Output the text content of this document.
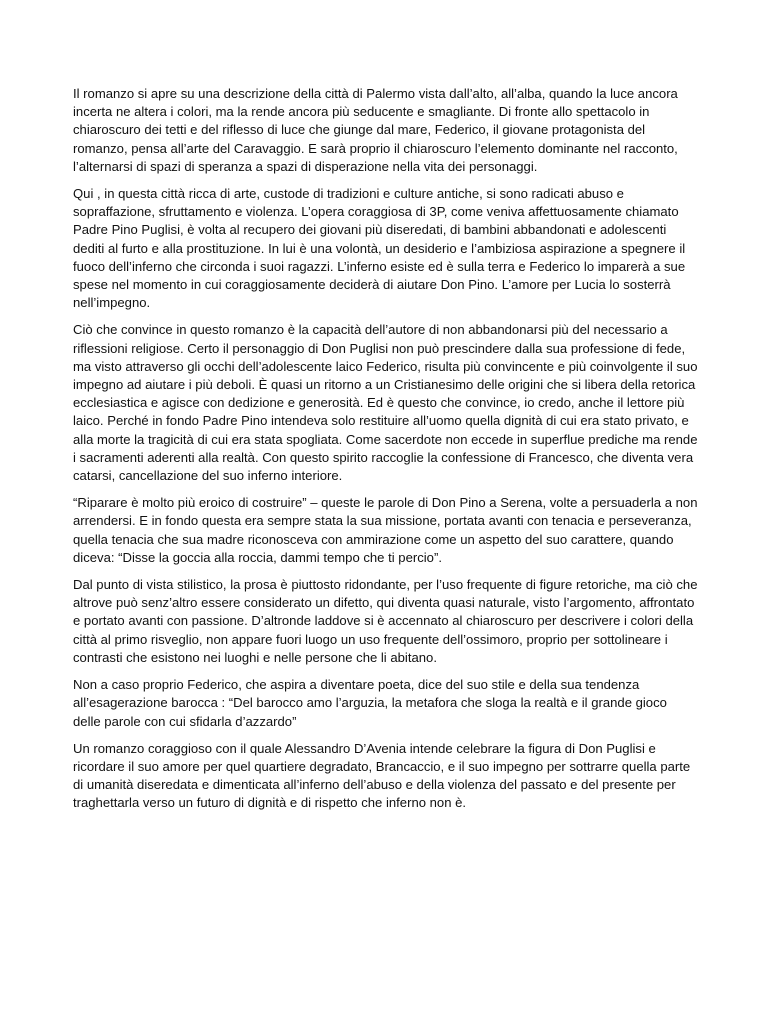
Il romanzo si apre su una descrizione della città di Palermo vista dall’alto, all’alba, quando la luce ancora incerta ne altera i colori, ma la rende ancora più seducente e smagliante. Di fronte allo spettacolo in chiaroscuro dei tetti e del riflesso di luce che giunge dal mare, Federico, il giovane protagonista del romanzo, pensa all’arte del Caravaggio. E sarà proprio il chiaroscuro l’elemento dominante nel racconto, l’alternarsi di spazi di speranza a spazi di disperazione nella vita dei personaggi.

Qui , in questa città ricca di arte, custode di tradizioni e culture antiche, si sono radicati abuso e sopraffazione, sfruttamento e violenza. L’opera coraggiosa di 3P, come veniva affettuosamente chiamato Padre Pino Puglisi, è volta al recupero dei giovani più diseredati, di bambini abbandonati e adolescenti dediti al furto e alla prostituzione. In lui è una volontà, un desiderio e l’ambiziosa aspirazione a spegnere il fuoco dell’inferno che circonda i suoi ragazzi. L’inferno esiste ed è sulla terra e Federico lo imparerà a sue spese nel momento in cui coraggiosamente deciderà di aiutare Don Pino. L’amore per Lucia lo sosterrà nell’impegno.

Ciò che convince in questo romanzo è la capacità dell’autore di non abbandonarsi più del necessario a riflessioni religiose. Certo il personaggio di Don Puglisi non può prescindere dalla sua professione di fede, ma visto attraverso gli occhi dell’adolescente laico Federico, risulta più convincente e più coinvolgente il suo impegno ad aiutare i più deboli. È quasi un ritorno a un Cristianesimo delle origini che si libera della retorica ecclesiastica e agisce con dedizione e generosità. Ed è questo che convince, io credo, anche il lettore più laico. Perché in fondo Padre Pino intendeva solo restituire all’uomo quella dignità di cui era stato privato, e alla morte la tragicità di cui era stata spogliata. Come sacerdote non eccede in superflue prediche ma rende i sacramenti aderenti alla realtà. Con questo spirito raccoglie la confessione di Francesco, che diventa vera catarsi, cancellazione del suo inferno interiore.

“Riparare è molto più eroico di costruire” – queste le parole di Don Pino a Serena, volte a persuaderla a non arrendersi. E in fondo questa era sempre stata la sua missione, portata avanti con tenacia e perseveranza, quella tenacia che sua madre riconosceva con ammirazione come un aspetto del suo carattere, quando diceva: “Disse la goccia alla roccia, dammi tempo che ti percio”.

Dal punto di vista stilistico, la prosa è piuttosto ridondante, per l’uso frequente di figure retoriche, ma ciò che altrove può senz’altro essere considerato un difetto, qui diventa quasi naturale, visto l’argomento, affrontato e portato avanti con passione. D’altronde laddove si è accennato al chiaroscuro per descrivere i colori della città al primo risveglio, non appare fuori luogo un uso frequente dell’ossimoro, proprio per sottolineare i contrasti che esistono nei luoghi e nelle persone che li abitano.

Non a caso proprio Federico, che aspira a diventare poeta, dice del suo stile e della sua tendenza all’esagerazione barocca : “Del barocco amo l’arguzia, la metafora che sloga la realtà e il grande gioco delle parole con cui sfidarla d’azzardo”

Un romanzo coraggioso con il quale Alessandro D’Avenia intende celebrare la figura di Don Puglisi e ricordare il suo amore per quel quartiere degradato, Brancaccio, e il suo impegno per sottrarre quella parte di umanità diseredata e dimenticata all’inferno dell’abuso e della violenza del passato e del presente per traghettarla verso un futuro di dignità e di rispetto che inferno non è.
